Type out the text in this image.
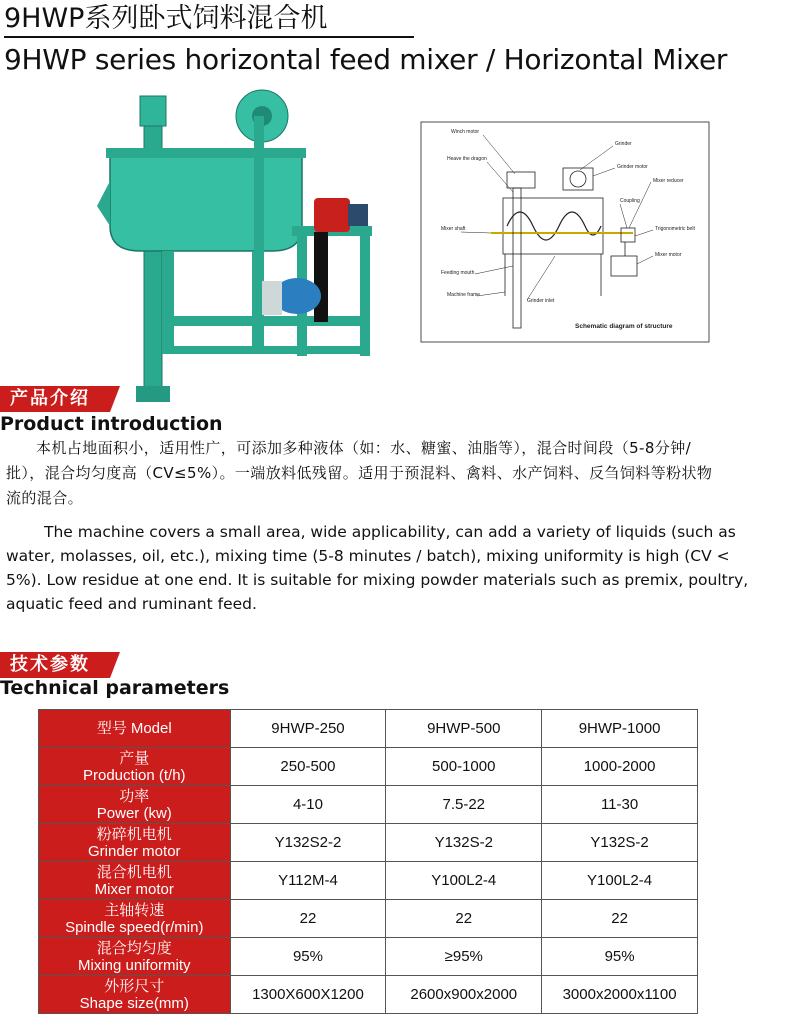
9HWP系列卧式饲料混合机
9HWP series horizontal feed mixer / Horizontal Mixer
Winch motor
Heave the dragon
Grinder
Grinder motor
Mixer reducer
Coupling
Mixer shaft	Trigonometric belt
Mixer motor
Feeding mouth
Machine frame
Grinder inlet
Schematic diagram of structure
产品介绍
Product introduction
本机占地面积小，适用性广，可添加多种液体（如：水、糖蜜、油脂等），混合时间段（5-8分钟/批），混合均匀度高（CV≤5%）。一端放料低残留。适用于预混料、禽料、水产饲料、反刍饲料等粉状物流的混合。
The machine covers a small area, wide applicability, can add a variety of liquids (such as water, molasses, oil, etc.), mixing time (5-8 minutes / batch), mixing uniformity is high (CV < 5%). Low residue at one end. It is suitable for mixing powder materials such as premix, poultry, aquatic feed and ruminant feed.
技术参数
Technical parameters
型号 Model	9HWP-250	9HWP-500	9HWP-1000

产量
Production (t/h)	250-500	500-1000	1000-2000

功率
Power (kw)	4-10	7.5-22	11-30

粉碎机电机
Grinder motor	Y132S2-2	Y132S-2	Y132S-2

混合机电机
Mixer motor	Y112M-4	Y100L2-4	Y100L2-4

主轴转速
Spindle speed(r/min)	22	22	22

混合均匀度
Mixing uniformity	95%	≥95%	95%

外形尺寸
Shape size(mm)	1300X600X1200	2600x900x2000	3000x2000x1100
